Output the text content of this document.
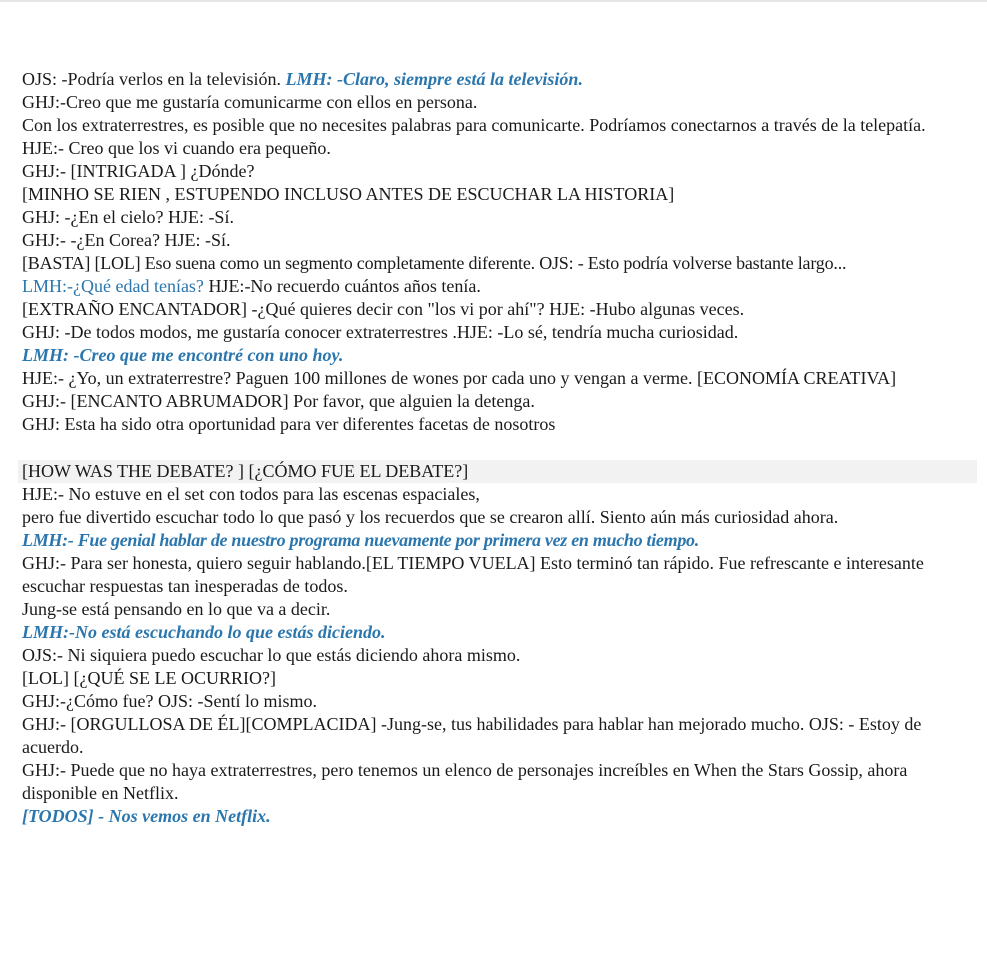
OJS: -Podría verlos en la televisión. LMH: -Claro, siempre está la televisión.
GHJ:-Creo que me gustaría comunicarme con ellos en persona.
Con los extraterrestres, es posible que no necesites palabras para comunicarte. Podríamos conectarnos a través de la telepatía.
HJE:- Creo que los vi cuando era pequeño.
GHJ:- [INTRIGADA ] ¿Dónde?
[MINHO SE RIEN , ESTUPENDO INCLUSO ANTES DE ESCUCHAR LA HISTORIA]
GHJ: -¿En el cielo? HJE: -Sí.
GHJ:- -¿En Corea? HJE: -Sí.
[BASTA] [LOL] Eso suena como un segmento completamente diferente. OJS: - Esto podría volverse bastante largo...
LMH:-¿Qué edad tenías? HJE:-No recuerdo cuántos años tenía.
[EXTRAÑO ENCANTADOR] -¿Qué quieres decir con "los vi por ahí"? HJE: -Hubo algunas veces.
GHJ: -De todos modos, me gustaría conocer extraterrestres .HJE: -Lo sé, tendría mucha curiosidad.
LMH: -Creo que me encontré con uno hoy.
HJE:- ¿Yo, un extraterrestre? Paguen 100 millones de wones por cada uno y vengan a verme. [ECONOMÍA CREATIVA]
GHJ:- [ENCANTO ABRUMADOR] Por favor, que alguien la detenga.
GHJ: Esta ha sido otra oportunidad para ver diferentes facetas de nosotros
[HOW WAS THE DEBATE? ] [¿CÓMO FUE EL DEBATE?]
HJE:- No estuve en el set con todos para las escenas espaciales,
pero fue divertido escuchar todo lo que pasó y los recuerdos que se crearon allí. Siento aún más curiosidad ahora.
LMH:- Fue genial hablar de nuestro programa nuevamente por primera vez en mucho tiempo.
GHJ:- Para ser honesta, quiero seguir hablando.[EL TIEMPO VUELA] Esto terminó tan rápido. Fue refrescante e interesante escuchar respuestas tan inesperadas de todos.
Jung-se está pensando en lo que va a decir.
LMH:-No está escuchando lo que estás diciendo.
OJS:- Ni siquiera puedo escuchar lo que estás diciendo ahora mismo.
[LOL] [¿QUÉ SE LE OCURRIO?]
GHJ:-¿Cómo fue? OJS: -Sentí lo mismo.
GHJ:- [ORGULLOSA DE ÉL][COMPLACIDA] -Jung-se, tus habilidades para hablar han mejorado mucho. OJS: - Estoy de acuerdo.
GHJ:- Puede que no haya extraterrestres, pero tenemos un elenco de personajes increíbles en When the Stars Gossip, ahora disponible en Netflix.
[TODOS] - Nos vemos en Netflix.
